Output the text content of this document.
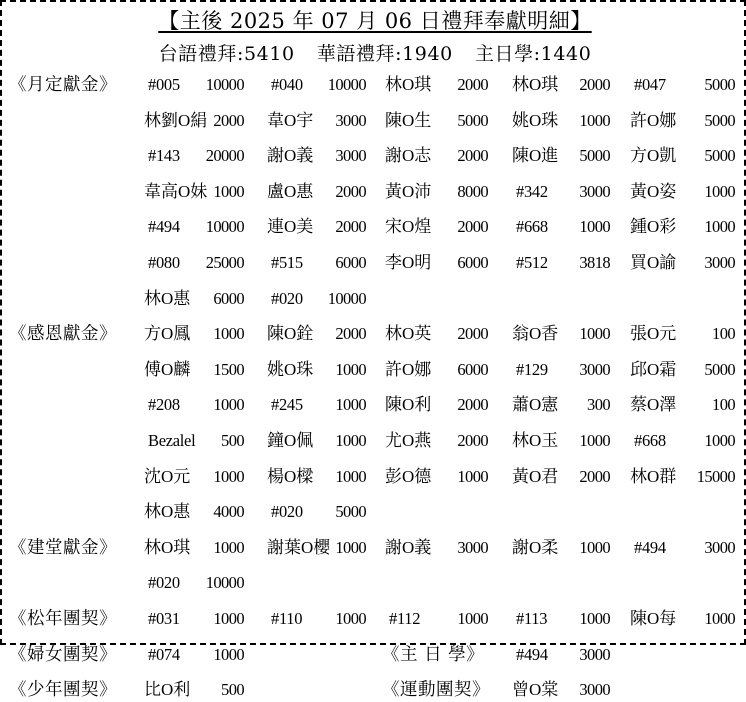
【主後 2025 年 07 月 06 日禮拜奉獻明細】
台語禮拜:5410 華語禮拜:1940 主日學:1440
《月定獻金》 #005 10000 #040 10000 林O琪 2000 林O琪 2000 #047 5000
林劉O絹 2000 韋O宇 3000 陳O生 5000 姚O珠 1000 許O娜 5000
#143 20000 謝O義 3000 謝O志 2000 陳O進 5000 方O凱 5000
韋高O妹 1000 盧O惠 2000 黃O沛 8000 #342 3000 黃O姿 1000
#494 10000 連O美 2000 宋O煌 2000 #668 1000 鍾O彩 1000
#080 25000 #515 6000 李O明 6000 #512 3818 買O諭 3000
林O惠 6000 #020 10000
《感恩獻金》 方O鳳 1000 陳O銓 2000 林O英 2000 翁O香 1000 張O元 100
傅O麟 1500 姚O珠 1000 許O娜 6000 #129 3000 邱O霜 5000
#208 1000 #245 1000 陳O利 2000 蕭O憲 300 蔡O澤 100
Bezalel 500 鐘O佩 1000 尤O燕 2000 林O玉 1000 #668 1000
沈O元 1000 楊O樑 1000 彭O德 1000 黃O君 2000 林O群 15000
林O惠 4000 #020 5000
《建堂獻金》 林O琪 1000 謝葉O櫻 1000 謝O義 3000 謝O柔 1000 #494 3000
#020 10000
《松年團契》 #031 1000 #110 1000 #112 1000 #113 1000 陳O每 1000
《婦女團契》 #074 1000
《少年團契》 比O利 500
《主 日 學》 #494 3000
《運動團契》 曾O棠 3000
